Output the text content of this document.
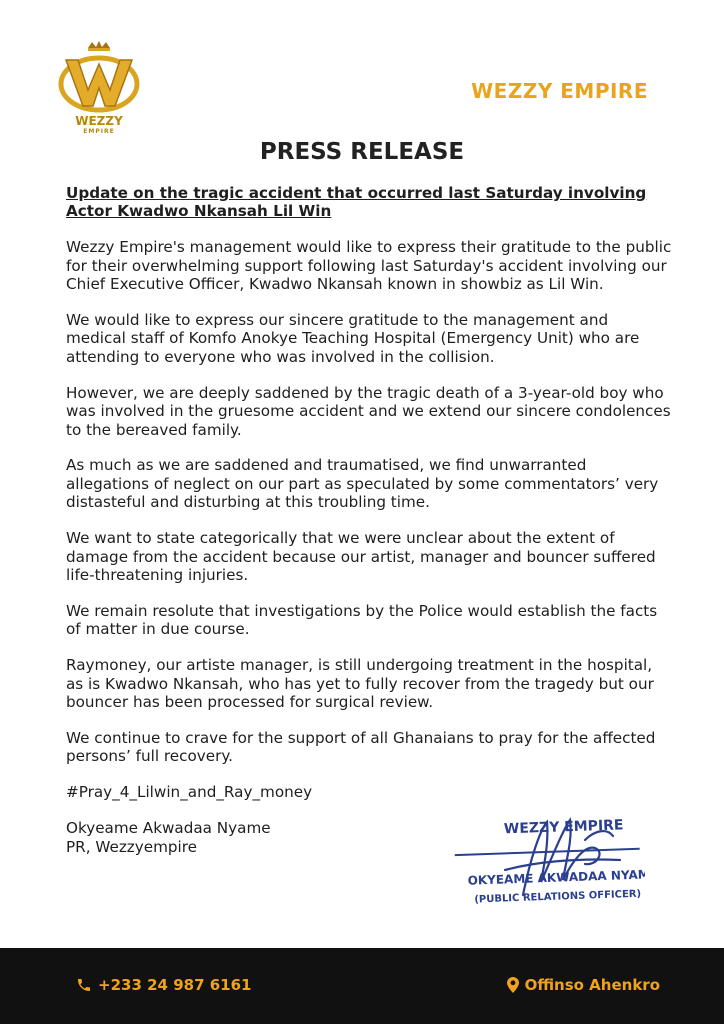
WEZZY
EMPIRE
WEZZY EMPIRE
PRESS RELEASE

Update on the tragic accident that occurred last Saturday involving Actor Kwadwo Nkansah Lil Win

Wezzy Empire's management would like to express their gratitude to the public for their overwhelming support following last Saturday's accident involving our Chief Executive Officer, Kwadwo Nkansah known in showbiz as Lil Win.

We would like to express our sincere gratitude to the management and medical staff of Komfo Anokye Teaching Hospital (Emergency Unit) who are attending to everyone who was involved in the collision.

However, we are deeply saddened by the tragic death of a 3-year-old boy who was involved in the gruesome accident and we extend our sincere condolences to the bereaved family.

As much as we are saddened and traumatised, we find unwarranted allegations of neglect on our part as speculated by some commentators’ very distasteful and disturbing at this troubling time.

We want to state categorically that we were unclear about the extent of damage from the accident because our artist, manager and bouncer suffered life-threatening injuries.

We remain resolute that investigations by the Police would establish the facts of matter in due course.

Raymoney, our artiste manager, is still undergoing treatment in the hospital, as is Kwadwo Nkansah, who has yet to fully recover from the tragedy but our bouncer has been processed for surgical review.

We continue to crave for the support of all Ghanaians to pray for the affected persons’ full recovery.

#Pray_4_Lilwin_and_Ray_money

Okyeame Akwadaa Nyame

PR, Wezzyempire

WEZZY EMPIRE
OKYEAME AKWADAA NYAME
(PUBLIC RELATIONS OFFICER)
+233 24 987 6161	Offinso Ahenkro
